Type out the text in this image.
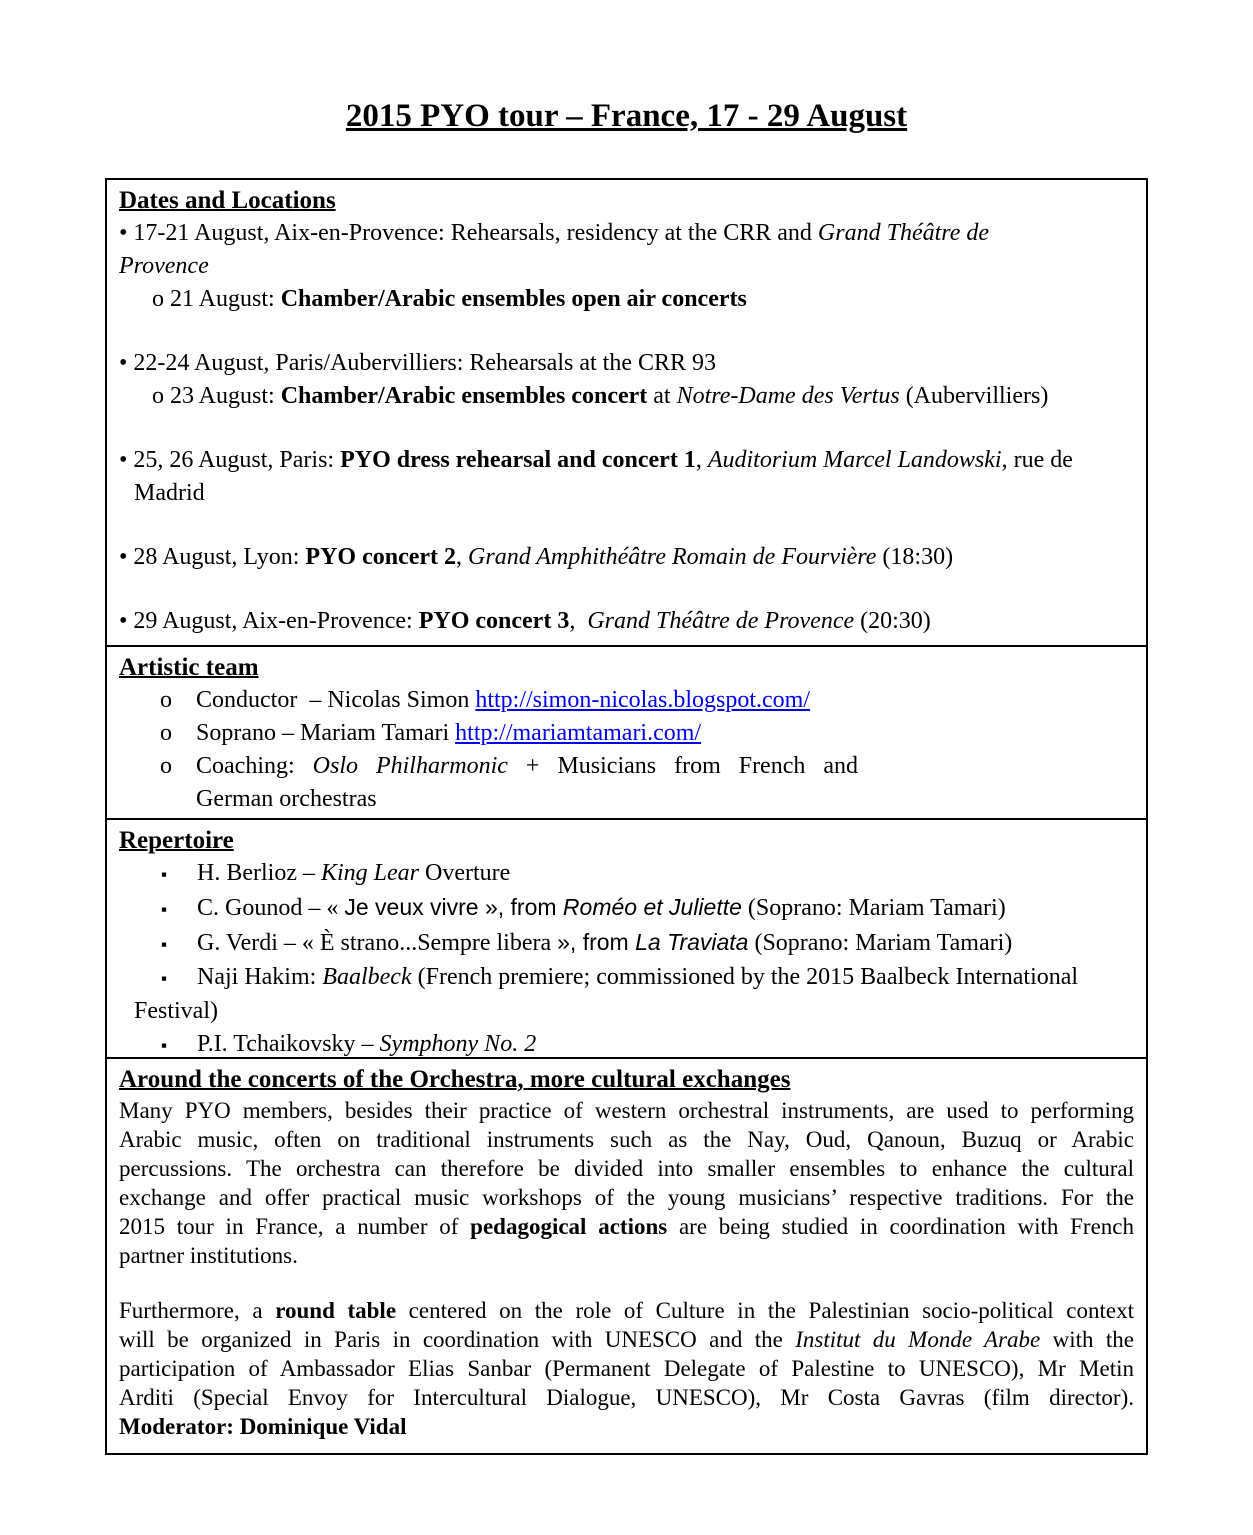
2015 PYO tour – France, 17 - 29 August
Dates and Locations
• 17-21 August, Aix-en-Provence: Rehearsals, residency at the CRR and Grand Théâtre de
Provence
o 21 August: Chamber/Arabic ensembles open air concerts
• 22-24 August, Paris/Aubervilliers: Rehearsals at the CRR 93
o 23 August: Chamber/Arabic ensembles concert at Notre-Dame des Vertus (Aubervilliers)
• 25, 26 August, Paris: PYO dress rehearsal and concert 1, Auditorium Marcel Landowski, rue de
Madrid
• 28 August, Lyon: PYO concert 2, Grand Amphithéâtre Romain de Fourvière (18:30)
• 29 August, Aix-en-Provence: PYO concert 3,  Grand Théâtre de Provence (20:30)
Artistic team
o	Conductor  – Nicolas Simon http://simon-nicolas.blogspot.com/
o	Soprano – Mariam Tamari http://mariamtamari.com/
o	Coaching: Oslo Philharmonic + Musicians from French and
German orchestras
Repertoire
▪ H. Berlioz – King Lear Overture
▪ C. Gounod – « Je veux vivre », from Roméo et Juliette (Soprano: Mariam Tamari)
▪ G. Verdi – « È strano...Sempre libera », from La Traviata (Soprano: Mariam Tamari)
▪ Naji Hakim: Baalbeck (French premiere; commissioned by the 2015 Baalbeck International
Festival)
▪ P.I. Tchaikovsky – Symphony No. 2
Around the concerts of the Orchestra, more cultural exchanges
Many PYO members, besides their practice of western orchestral instruments, are used to performing
Arabic music, often on traditional instruments such as the Nay, Oud, Qanoun, Buzuq or Arabic
percussions. The orchestra can therefore be divided into smaller ensembles to enhance the cultural
exchange and offer practical music workshops of the young musicians’ respective traditions. For the
2015 tour in France, a number of pedagogical actions are being studied in coordination with French
partner institutions.
Furthermore, a round table centered on the role of Culture in the Palestinian socio-political context
will be organized in Paris in coordination with UNESCO and the Institut du Monde Arabe with the
participation of Ambassador Elias Sanbar (Permanent Delegate of Palestine to UNESCO), Mr Metin
Arditi (Special Envoy for Intercultural Dialogue, UNESCO), Mr Costa Gavras (film director).
Moderator: Dominique Vidal
